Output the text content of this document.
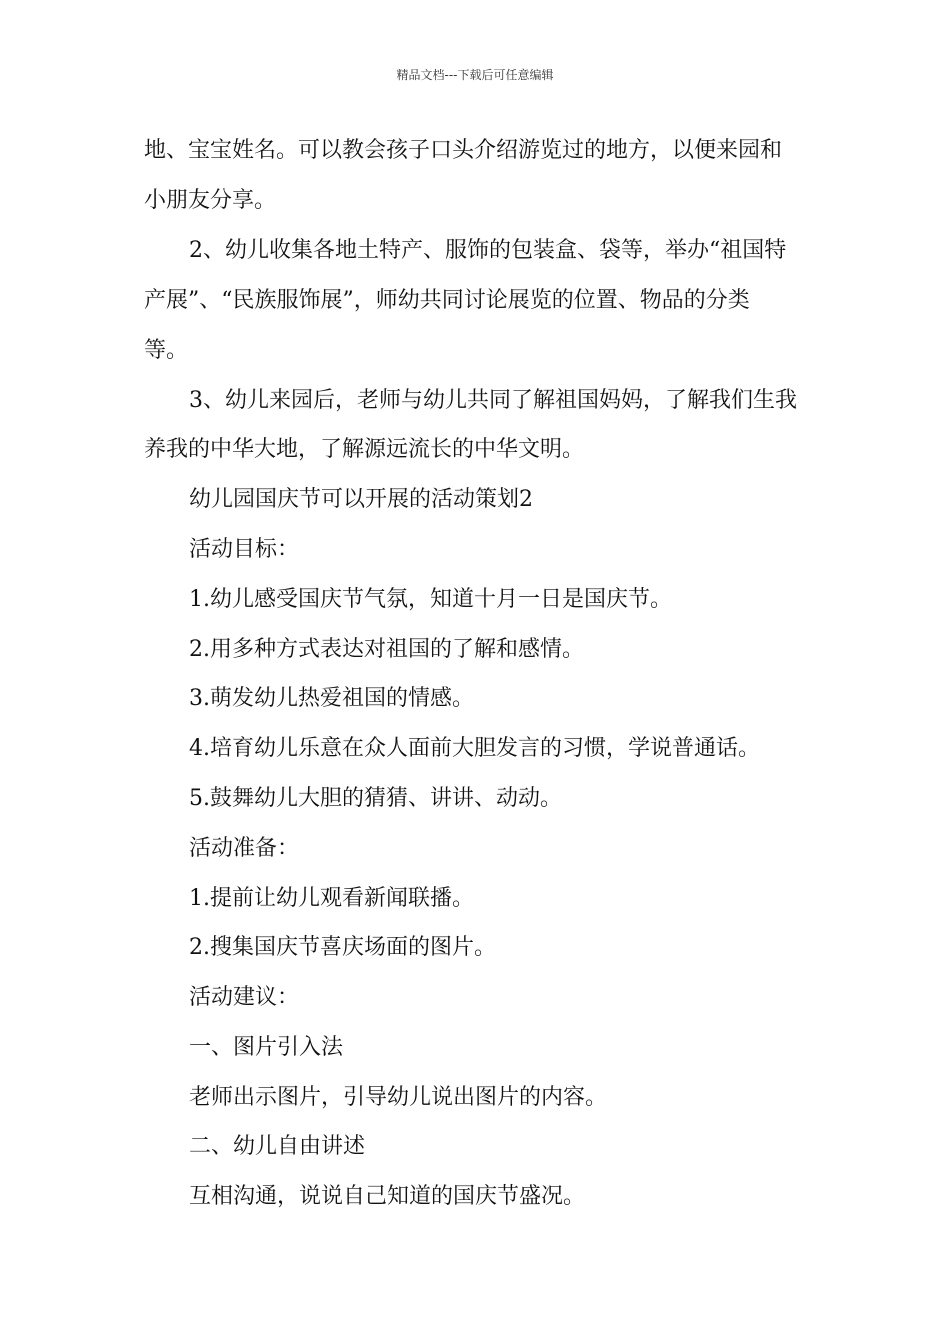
精品文档---下载后可任意编辑
地、宝宝姓名。可以教会孩子口头介绍游览过的地方，以便来园和
小朋友分享。
2、幼儿收集各地土特产、服饰的包装盒、袋等，举办“祖国特
产展”、“民族服饰展”，师幼共同讨论展览的位置、物品的分类
等。
3、幼儿来园后，老师与幼儿共同了解祖国妈妈，了解我们生我
养我的中华大地，了解源远流长的中华文明。
幼儿园国庆节可以开展的活动策划2
活动目标：
1.幼儿感受国庆节气氛，知道十月一日是国庆节。
2.用多种方式表达对祖国的了解和感情。
3.萌发幼儿热爱祖国的情感。
4.培育幼儿乐意在众人面前大胆发言的习惯，学说普通话。
5.鼓舞幼儿大胆的猜猜、讲讲、动动。
活动准备：
1.提前让幼儿观看新闻联播。
2.搜集国庆节喜庆场面的图片。
活动建议：
一、图片引入法
老师出示图片，引导幼儿说出图片的内容。
二、幼儿自由讲述
互相沟通，说说自己知道的国庆节盛况。
